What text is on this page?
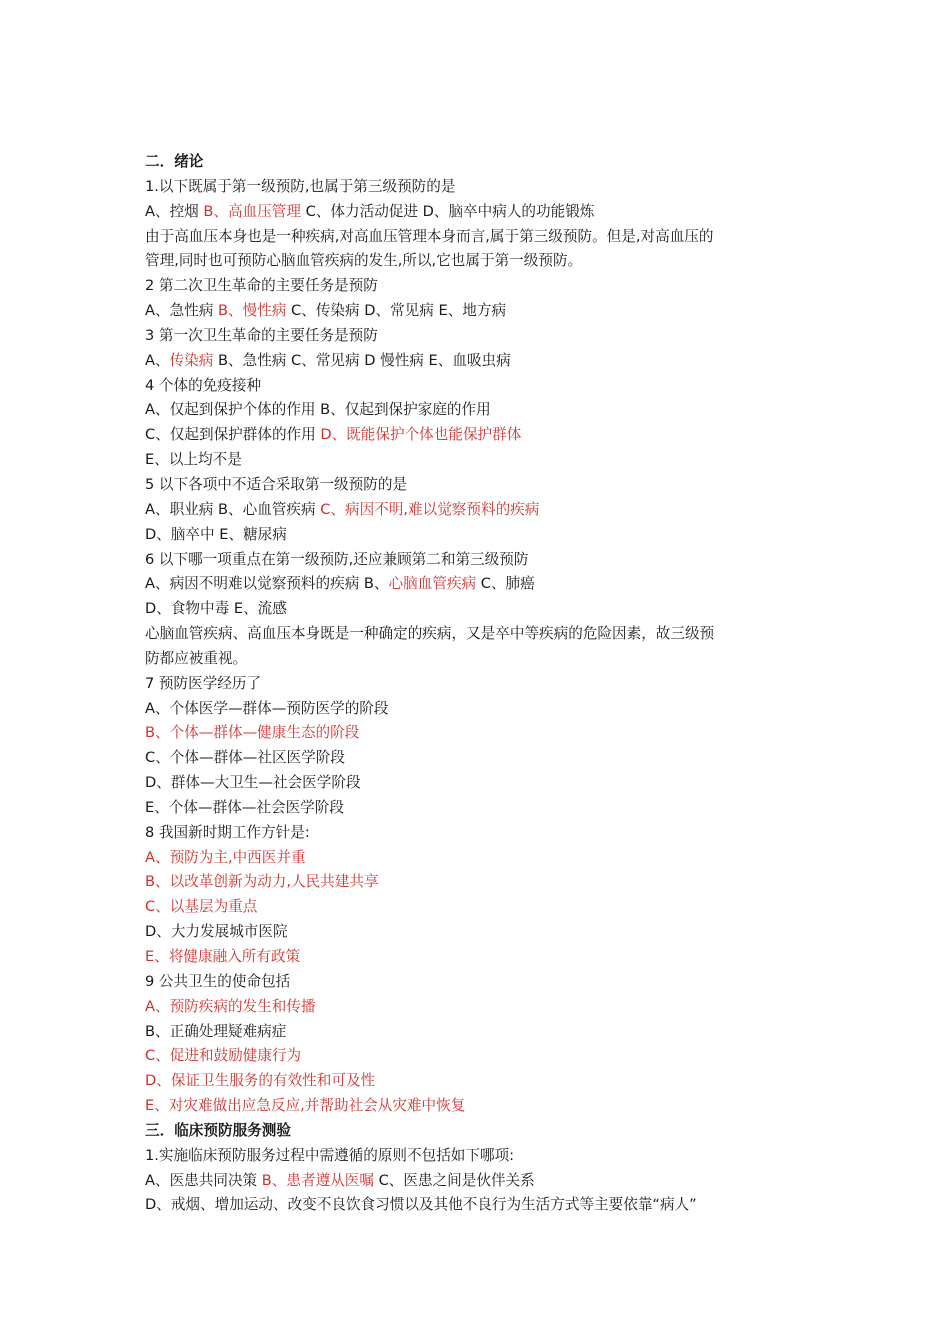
二．绪论
1.以下既属于第一级预防,也属于第三级预防的是
A、控烟 B、高血压管理 C、体力活动促进 D、脑卒中病人的功能锻炼
由于高血压本身也是一种疾病,对高血压管理本身而言,属于第三级预防。但是,对高血压的
管理,同时也可预防心脑血管疾病的发生,所以,它也属于第一级预防。
2 第二次卫生革命的主要任务是预防
A、急性病 B、慢性病 C、传染病 D、常见病 E、地方病
3 第一次卫生革命的主要任务是预防
A、传染病 B、急性病 C、常见病 D 慢性病 E、血吸虫病
4 个体的免疫接种
A、仅起到保护个体的作用 B、仅起到保护家庭的作用
C、仅起到保护群体的作用 D、既能保护个体也能保护群体
E、以上均不是
5 以下各项中不适合采取第一级预防的是
A、职业病 B、心血管疾病 C、病因不明,难以觉察预料的疾病
D、脑卒中 E、糖尿病
6 以下哪一项重点在第一级预防,还应兼顾第二和第三级预防
A、病因不明难以觉察预料的疾病 B、心脑血管疾病 C、肺癌
D、食物中毒 E、流感
心脑血管疾病、高血压本身既是一种确定的疾病，又是卒中等疾病的危险因素，故三级预
防都应被重视。
7 预防医学经历了
A、个体医学—群体—预防医学的阶段
B、个体—群体—健康生态的阶段
C、个体—群体—社区医学阶段
D、群体—大卫生—社会医学阶段
E、个体—群体—社会医学阶段
8 我国新时期工作方针是:
A、预防为主,中西医并重
B、以改革创新为动力,人民共建共享
C、以基层为重点
D、大力发展城市医院
E、将健康融入所有政策
9 公共卫生的使命包括
A、预防疾病的发生和传播
B、正确处理疑难病症
C、促进和鼓励健康行为
D、保证卫生服务的有效性和可及性
E、对灾难做出应急反应,并帮助社会从灾难中恢复
三．临床预防服务测验
1.实施临床预防服务过程中需遵循的原则不包括如下哪项:
A、医患共同决策 B、患者遵从医嘱 C、医患之间是伙伴关系
D、戒烟、增加运动、改变不良饮食习惯以及其他不良行为生活方式等主要依靠“病人”
